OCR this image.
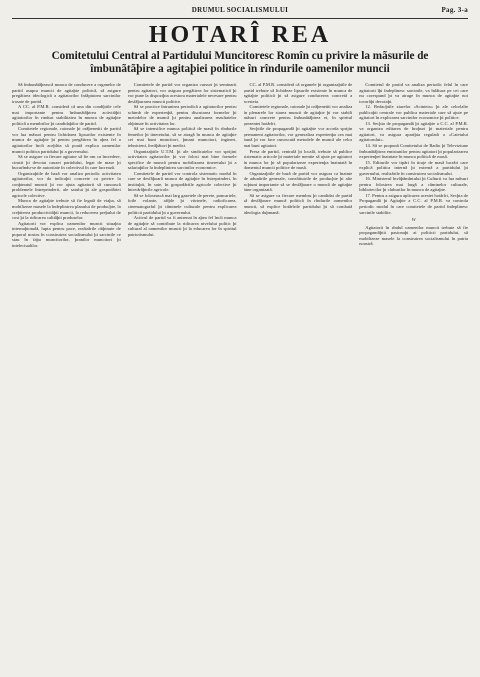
DRUMUL SOCIALISMULUI	Pag. 3-a
HOTARÎ REA
Comitetului Central al Partidului Muncitoresc Romîn cu privire la mãsurile de îmbunãtãþire a agitaþiei politice în rîndurile oamenilor muncii

Sã îmbunãtãþeascã munca de conducere a organelor de partid asupra muncii de agitaþie politicã, sã asigure pregãtirea ideologicã a agitatorilor înfãptuirea sarcinilor trasate de partid.

A CC. al P.M.R. considerã cã una din condiþiile cele mai importante pentru îmbunãtãþirea activitãþii agitatorilor în rinduri stabilitatea în munca de agitaþie politicã a membrilor þi candidaþilor de partid.

Comitetele regionale, raionale þi orãþeneúti de partid vor lua mãsuri pentru lichidarea lipsurilor existente în munca de agitaþie þi pentru pregãtirea în aþea fel a agitatorilor încît aceþltia sã poatã explica oamenilor muncii politica partidului þi a guvernului.

Sã se asigure ca fiecare agitator sã fie om cu încredere, cinstit þi devotat cauzei partidului, legat de mase þi bucurîndu-se de autoritate în colectivul în care lucreazã.

Organizaþiile de bazã vor analiza periodic activitatea agitatorilor, vor da indicaþii concrete cu privire la conþinutul muncii þi vor ajuta agitatorii sã cunoascã problemele întreprinderii, ale satului þi ale gospodãriei agricole colective.

Munca de agitaþie trebuie sã fie legatã de viaþa, sã mobilizeze masele la îndeplinirea planului de producþie, la creþtterea productivitãþii muncii, la reducerea preþului de cost þi la ridicarea calitãþii produselor.

Agitatorii vor explica oamenilor muncii situaþia internaþionalã, lupta pentru pace, realizãrile obþinute de poporul nostru în construirea socialismului þi sarcinile ce stau în faþa muncitorilor, þranilor muncitori þi intelectualilor.

Comitetele de partid vor organiza cursuri þi seminarii pentru agitatori, vor asigura pregãtirea lor sistematicã þi vor pune la dispoziþia acestora materialele necesare pentru desfãþurarea muncii politice.

Sã se practice întrunirea periodicã a agitatorilor pentru schimb de experienþã, pentru discutarea formelor þi metodelor de muncã þi pentru analizarea rezultatelor obþinute în activitatea lor.

Sã se intensifice munca politicã de masã în rîndurile femeilor þi tineretului, sã se atragã în munca de agitaþie cei mai buni muncitori, þmani muncitori, ingineri, tehnicieni, învãþãtori þi medici.

Organizaþiile U.T.M. þi ale sindicatelor vor sprijini activitatea agitatorilor þi vor folosi mai bine formele specifice de muncã pentru mobilizarea tineretului þi a salariaþilor la îndeplinirea sarcinilor economice.

Comitetele de partid vor controla sistematic modul în care se desfãþoarã munca de agitaþie în întreprinderi, în instituþii, în sate, în gospodãriile agricole colective þi întovãrãþirile agricole.

Sã se foloseascã mai larg gazetele de perete, pancartele, foile volante, afiþle þi vitrinele, radioficarea, cinematograful þi cãminele culturale pentru explicarea politicii partidului þi a guvernului.

Activul de partid va fi antrenat în aþea fel încît munca de agitaþie sã contribuie la ridicarea nivelului politic þi cultural al oamenilor muncii þi la educarea lor în spiritul patriotismului.

CC. al P.M.R. considerã cã organele þi organizaþiile de partid trebuie sã lichideze lipsurile existente în munca de agitaþie politicã þi sã asigure conducerea concretã a acesteia.

Comitetele regionale, raionale þi orãþeneúti vor analiza în plenarele lor starea muncii de agitaþie þi vor stabili mãsuri concrete pentru îmbunãtãþirea ei, în spiritul prezentei hotãrîri.

Secþiile de propagandã þi agitaþie vor acorda sprijin permanent agitatorilor, vor generaliza experienþa cea mai bunã þi vor face cunoscutã metodele de muncã ale celor mai buni agitatori.

Presa de partid, centralã þi localã, trebuie sã publice sistematic articole þi materiale menite sã ajute pe agitatori în munca lor þi sã popularizeze experienþa înaintatã în domeniul muncii politice de masã.

Organizaþiile de bazã de partid vor asigura ca înainte de adunãrile generale, consfätuirile de producþie þi alte acþiuni importante sã se desfãþoare o muncã de agitaþie bine organizatã.

Sã se asigure ca fiecare membru þi candidat de partid sã desfãþoare muncã politicã în rîndurile oamenilor muncii, sã explice hotãrîrile partidului þi sã combatã ideologia duþmanã.

Comitetul de partid va analiza periodic felul în care agitatorii îþi îndeplinesc sarcinile, va înlãtura pe cei care nu corespund þi va atrage în munca de agitaþie noi tovarãþi devotaþi.

12. Redacþiile ziarelor «Scinteia» þi ale celorlalte publicaþii centrale vor publica materiale care sã ajute pe agitatori în explicarea sarcinilor economice þi politice.

13. Secþia de propagandã þi agitaþie a C.C. al P.M.R. va organiza editarea de broþuri þi materiale pentru agitatori, va asigura apariþia regulatã a «Caietului agitatorului».

14. Sã se propunã Comitetului de Radio þi Televiziune îmbunãtãþirea emisiunilor pentru agitatori þi popularizarea experienþei înaintate în munca politicã de masã.

15. Editurile vor tipãri în tiraje de masã lucrãri care explicã politica internã þi externã a partidului þi guvernului, realizãrile în construirea socialismului.

16. Ministerul învãþãmîntului þi Culturii va lua mãsuri pentru folosirea mai largã a cãminelor culturale, bibliotecilor þi cluburilor în munca de agitaþie.

17. Pentru a asigura aplicarea acestei hotãrîri, Secþia de Propagandã þi Agitaþie a C.C. al P.M.R. va controla periodic modul în care comitetele de partid îndeplinesc sarcinile stabilite.

W

Agitatorii în rîndul oamenilor muncii trebuie sã fie propagandiþtii pasionaþi ai politicii partidului, sã mobilizeze masele la construirea socialismului în patria noastrã.
